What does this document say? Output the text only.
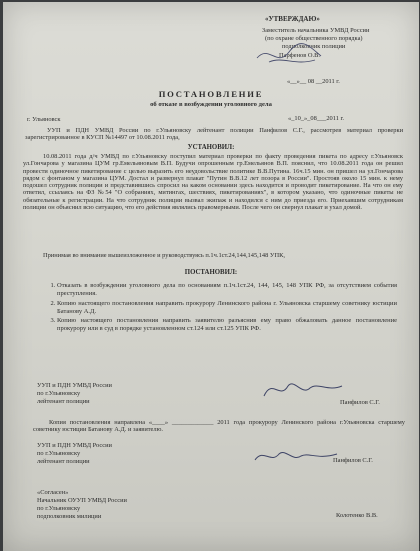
«УТВЕРЖДАЮ»
Заместитель начальника УМВД России
(по охране общественного порядка)
подполковник полиции
Парфенов О.В.
«__»__ 08 __2011 г.
ПОСТАНОВЛЕНИЕ
об отказе в возбуждении уголовного дела
г. Ульяновск	«_10_»_08___2011 г.
УУП и ПДН УМВД России по г.Ульяновску лейтенант полиции Панфилов С.Г., рассмотрев материал проверки зарегистрированное в КУСП №14497 от 10.08.2011 года,
УСТАНОВИЛ:
10.08.2011 года д/ч УМВД по г.Ульяновску поступил материал проверки по факту проведения пикета по адресу г.Ульяновск ул.Гончарова у магазина ЦУМ гр.Емельяновым В.П. Будучи опрошенным гр.Емельянов В.П. пояснил, что 10.08.2011 года он решил провести одиночное пикетирование с целью выразить его неудовольствие политике В.В.Путина. 16ч.15 мин. он пришел на ул.Гончарова рядом с фонтаном у магазина ЦУМ. Достал и развернул плакат "Путин В.В.12 лет позора в России". Простояв около 15 мин. к нему подошел сотрудник полиции и представившись спросил на каком основании здесь находится и проводит пикетирование. На что он ему ответил, ссылаясь на ФЗ №54 "О собраниях, митингах, шествиях, пикетированиях", в котором указано, что одиночные пикеты не обязательные к регистрации. На что сотрудник полиции вызвал экипаж и находился с ним до приезда его. Приехавшим сотрудникам полиции он объяснил всю ситуацию, что его действия являлись правомерными. После чего он свернул плакат и ухал домой.
Принимая во внимание вышеизложенное и руководствуясь п.1ч.1ст.24,144,145,148 УПК,
ПОСТАНОВИЛ:
1. Отказать в возбуждении уголовного дела по основаниям п.1ч.1ст.24, 144, 145, 148 УПК РФ, за отсутствием события преступления.
2. Копию настоящего постановления направить прокурору Ленинского района г. Ульяновска старшему советнику юстиции Батанову А.Д.
3. Копию настоящего постановления направить заявителю разъяснив ему право обжаловать данное постановление прокурору или в суд в порядке установленном ст.124 или ст.125 УПК РФ.
УУП и ПДН УМВД России
по г.Ульяновску
лейтенант полиции	Панфилов С.Г.
Копия постановления направлена «____» _____________ 2011 года прокурору Ленинского района г.Ульяновска старшему советнику юстиции Батанову А.Д. и заявителю.
УУП и ПДН УМВД России
по г.Ульяновску
лейтенант полиции	Панфилов С.Г.
«Согласен»
Начальник ОУУП УМВД России
по г.Ульяновску
подполковник милиции	Колотенко В.В.
